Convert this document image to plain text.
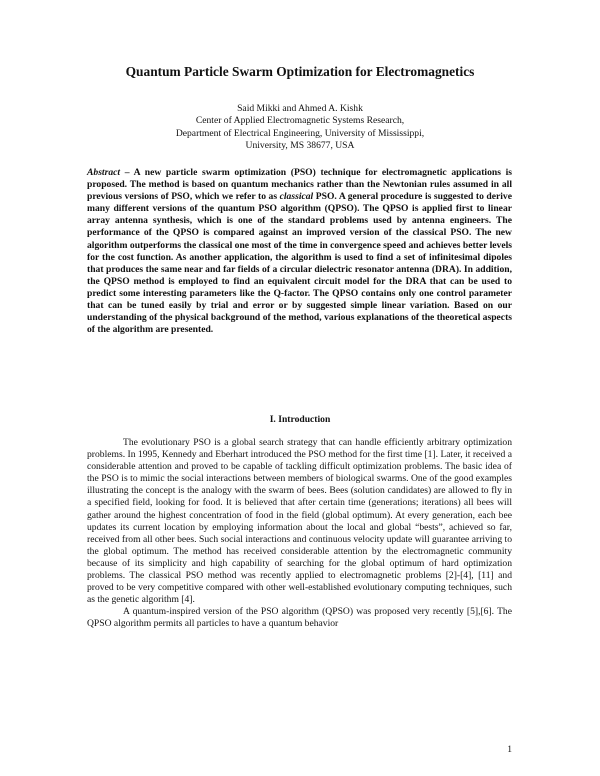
Quantum Particle Swarm Optimization for Electromagnetics
Said Mikki and Ahmed A. Kishk
Center of Applied Electromagnetic Systems Research,
Department of Electrical Engineering, University of Mississippi,
University, MS 38677, USA
Abstract – A new particle swarm optimization (PSO) technique for electromagnetic applications is proposed. The method is based on quantum mechanics rather than the Newtonian rules assumed in all previous versions of PSO, which we refer to as classical PSO. A general procedure is suggested to derive many different versions of the quantum PSO algorithm (QPSO). The QPSO is applied first to linear array antenna synthesis, which is one of the standard problems used by antenna engineers. The performance of the QPSO is compared against an improved version of the classical PSO. The new algorithm outperforms the classical one most of the time in convergence speed and achieves better levels for the cost function. As another application, the algorithm is used to find a set of infinitesimal dipoles that produces the same near and far fields of a circular dielectric resonator antenna (DRA). In addition, the QPSO method is employed to find an equivalent circuit model for the DRA that can be used to predict some interesting parameters like the Q-factor. The QPSO contains only one control parameter that can be tuned easily by trial and error or by suggested simple linear variation. Based on our understanding of the physical background of the method, various explanations of the theoretical aspects of the algorithm are presented.
I. Introduction

The evolutionary PSO is a global search strategy that can handle efficiently arbitrary optimization problems. In 1995, Kennedy and Eberhart introduced the PSO method for the first time [1]. Later, it received a considerable attention and proved to be capable of tackling difficult optimization problems. The basic idea of the PSO is to mimic the social interactions between members of biological swarms. One of the good examples illustrating the concept is the analogy with the swarm of bees. Bees (solution candidates) are allowed to fly in a specified field, looking for food. It is believed that after certain time (generations; iterations) all bees will gather around the highest concentration of food in the field (global optimum). At every generation, each bee updates its current location by employing information about the local and global “bests”, achieved so far, received from all other bees. Such social interactions and continuous velocity update will guarantee arriving to the global optimum. The method has received considerable attention by the electromagnetic community because of its simplicity and high capability of searching for the global optimum of hard optimization problems. The classical PSO method was recently applied to electromagnetic problems [2]-[4], [11] and proved to be very competitive compared with other well-established evolutionary computing techniques, such as the genetic algorithm [4].

A quantum-inspired version of the PSO algorithm (QPSO) was proposed very recently [5],[6]. The QPSO algorithm permits all particles to have a quantum behavior

1
